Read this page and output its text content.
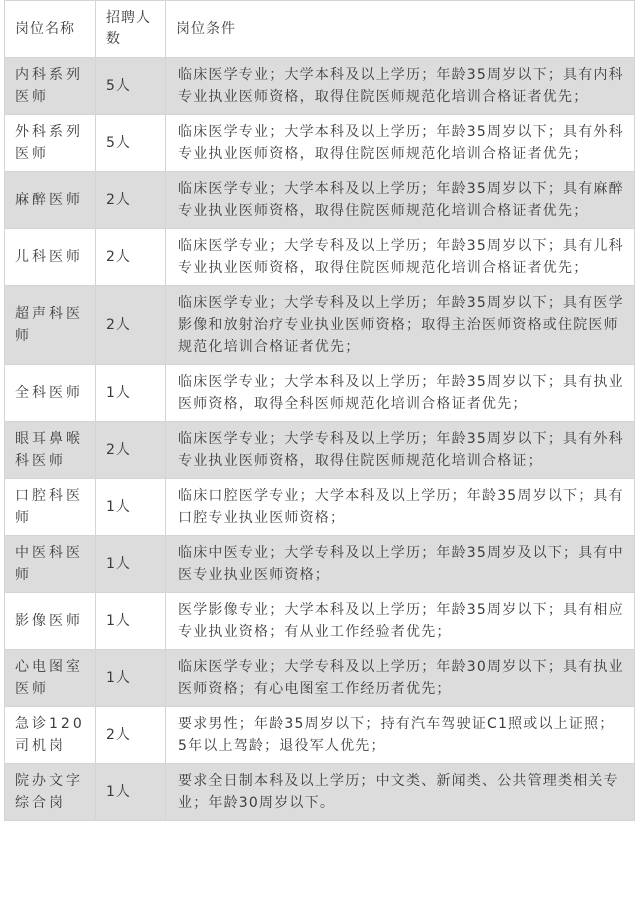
岗位名称	招聘人数	岗位条件
内科系列医师	5人	临床医学专业；大学本科及以上学历；年龄35周岁以下；具有内科专业执业医师资格，取得住院医师规范化培训合格证者优先；
外科系列医师	5人	临床医学专业；大学本科及以上学历；年龄35周岁以下；具有外科专业执业医师资格，取得住院医师规范化培训合格证者优先；
麻醉医师	2人	临床医学专业；大学本科及以上学历；年龄35周岁以下；具有麻醉专业执业医师资格，取得住院医师规范化培训合格证者优先；
儿科医师	2人	临床医学专业；大学专科及以上学历；年龄35周岁以下；具有儿科专业执业医师资格，取得住院医师规范化培训合格证者优先；
超声科医师	2人	临床医学专业；大学专科及以上学历；年龄35周岁以下；具有医学影像和放射治疗专业执业医师资格；取得主治医师资格或住院医师规范化培训合格证者优先；
全科医师	1人	临床医学专业；大学本科及以上学历；年龄35周岁以下；具有执业医师资格，取得全科医师规范化培训合格证者优先；
眼耳鼻喉科医师	2人	临床医学专业；大学专科及以上学历；年龄35周岁以下；具有外科专业执业医师资格，取得住院医师规范化培训合格证；
口腔科医师	1人	临床口腔医学专业；大学本科及以上学历；年龄35周岁以下；具有口腔专业执业医师资格；
中医科医师	1人	临床中医专业；大学专科及以上学历；年龄35周岁及以下；具有中医专业执业医师资格；
影像医师	1人	医学影像专业；大学本科及以上学历；年龄35周岁以下；具有相应专业执业资格；有从业工作经验者优先；
心电图室医师	1人	临床医学专业；大学专科及以上学历；年龄30周岁以下；具有执业医师资格；有心电图室工作经历者优先；
急诊120司机岗	2人	要求男性；年龄35周岁以下；持有汽车驾驶证C1照或以上证照；5年以上驾龄；退役军人优先；
院办文字综合岗	1人	要求全日制本科及以上学历；中文类、新闻类、公共管理类相关专业；年龄30周岁以下。
